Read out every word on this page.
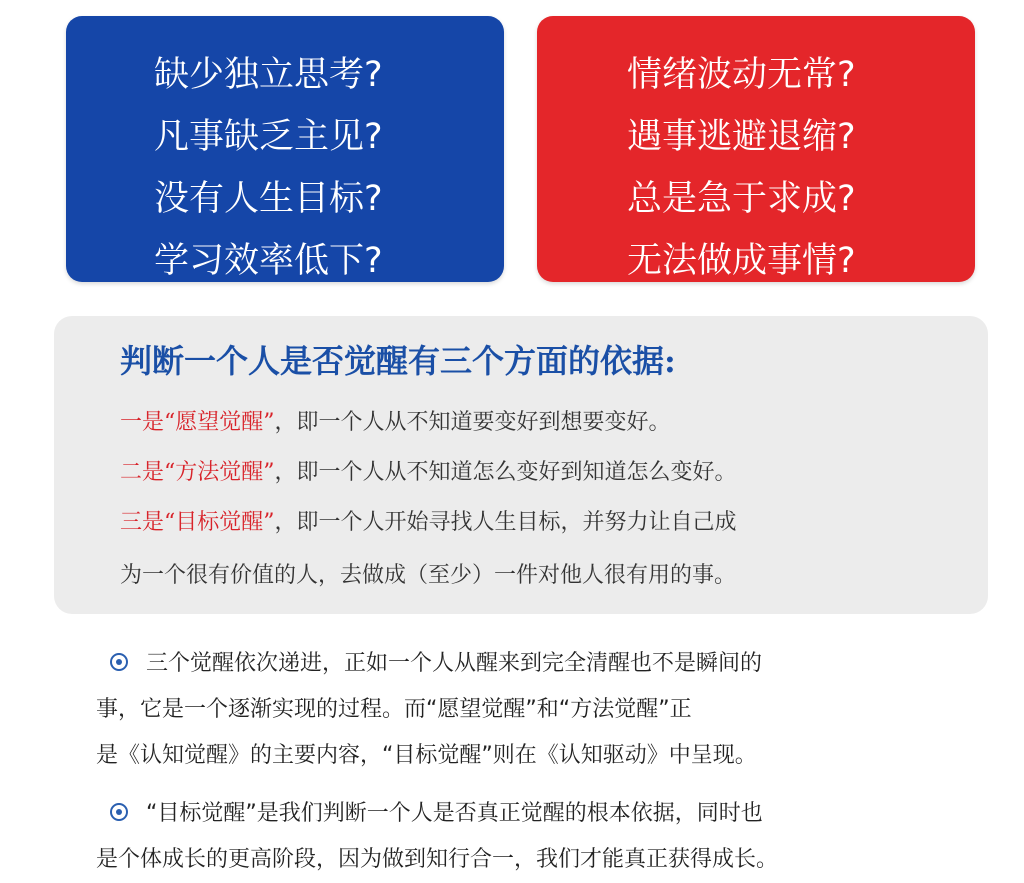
缺少独立思考?
凡事缺乏主见?
没有人生目标?
学习效率低下?
情绪波动无常?
遇事逃避退缩?
总是急于求成?
无法做成事情?
判断一个人是否觉醒有三个方面的依据:
一是“愿望觉醒”，即一个人从不知道要变好到想要变好。
二是“方法觉醒”，即一个人从不知道怎么变好到知道怎么变好。
三是“目标觉醒”，即一个人开始寻找人生目标，并努力让自己成
为一个很有价值的人，去做成（至少）一件对他人很有用的事。

三个觉醒依次递进，正如一个人从醒来到完全清醒也不是瞬间的
事，它是一个逐渐实现的过程。而“愿望觉醒”和“方法觉醒”正
是《认知觉醒》的主要内容，“目标觉醒”则在《认知驱动》中呈现。

“目标觉醒”是我们判断一个人是否真正觉醒的根本依据，同时也
是个体成长的更高阶段，因为做到知行合一，我们才能真正获得成长。
